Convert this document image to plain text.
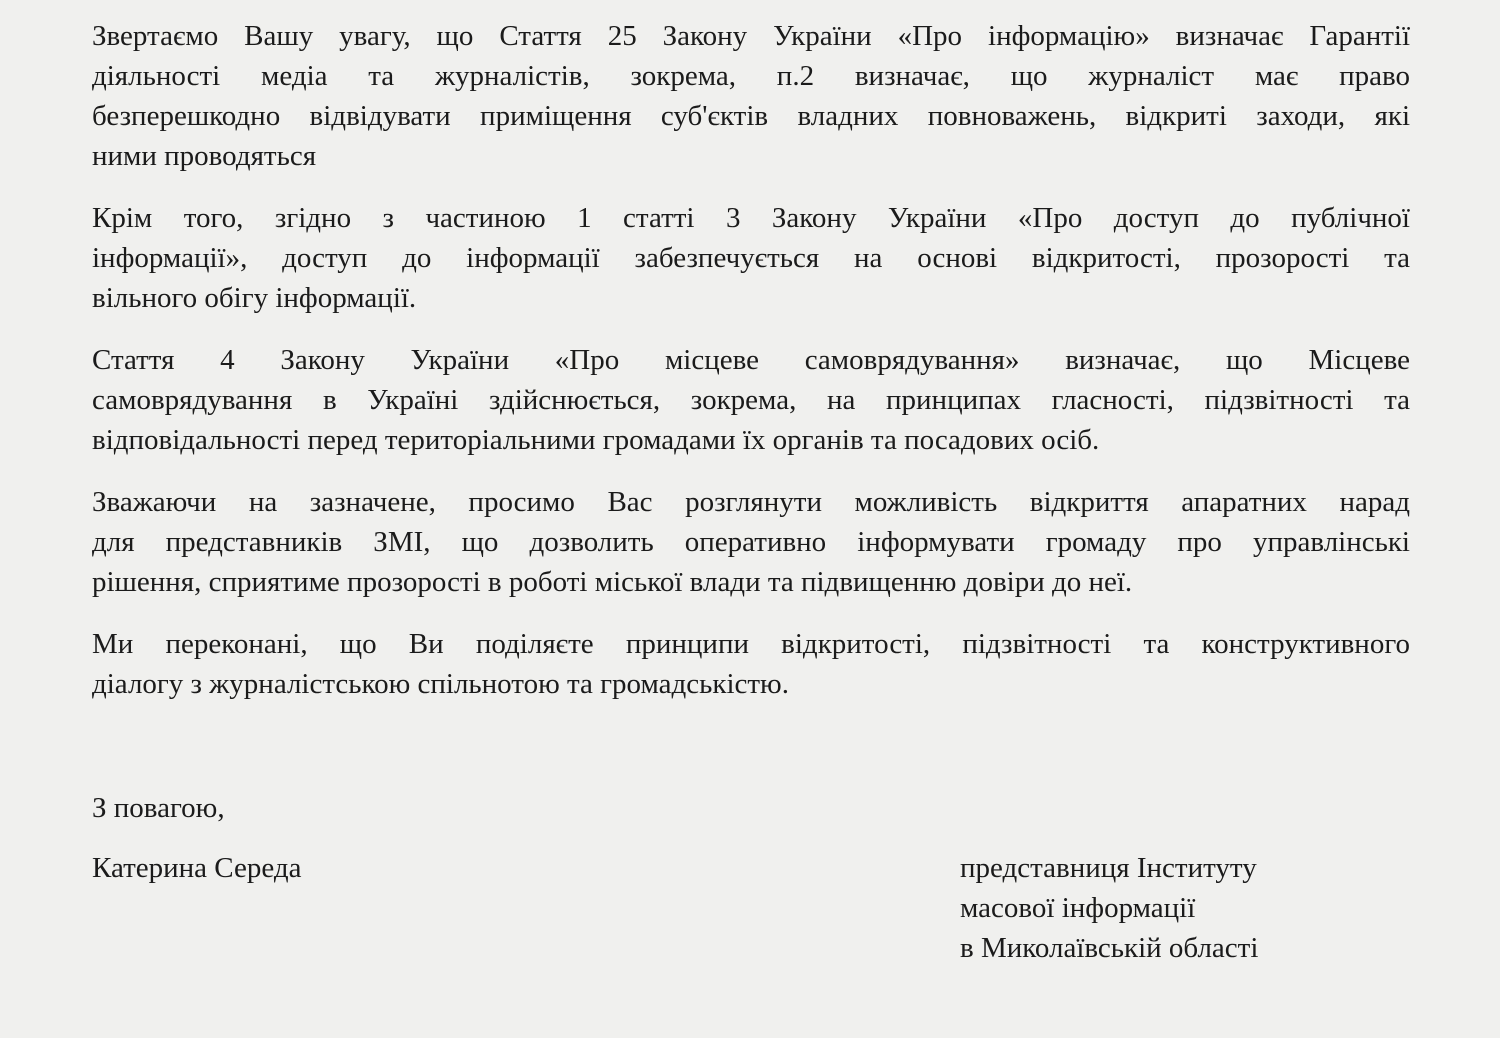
Звертаємо Вашу увагу, що Стаття 25 Закону України «Про інформацію» визначає Гарантії
діяльності медіа та журналістів, зокрема, п.2 визначає, що журналіст має право
безперешкодно відвідувати приміщення суб'єктів владних повноважень, відкриті заходи, які
ними проводяться
Крім того, згідно з частиною 1 статті 3 Закону України «Про доступ до публічної
інформації», доступ до інформації забезпечується на основі відкритості, прозорості та
вільного обігу інформації.
Стаття 4 Закону України «Про місцеве самоврядування» визначає, що Місцеве
самоврядування в Україні здійснюється, зокрема, на принципах гласності, підзвітності та
відповідальності перед територіальними громадами їх органів та посадових осіб.
Зважаючи на зазначене, просимо Вас розглянути можливість відкриття апаратних нарад
для представників ЗМІ, що дозволить оперативно інформувати громаду про управлінські
рішення, сприятиме прозорості в роботі міської влади та підвищенню довіри до неї.
Ми переконані, що Ви поділяєте принципи відкритості, підзвітності та конструктивного
діалогу з журналістською спільнотою та громадськістю.
З повагою,
Катерина Середа	представниця Інституту
масової інформації
в Миколаївській області
